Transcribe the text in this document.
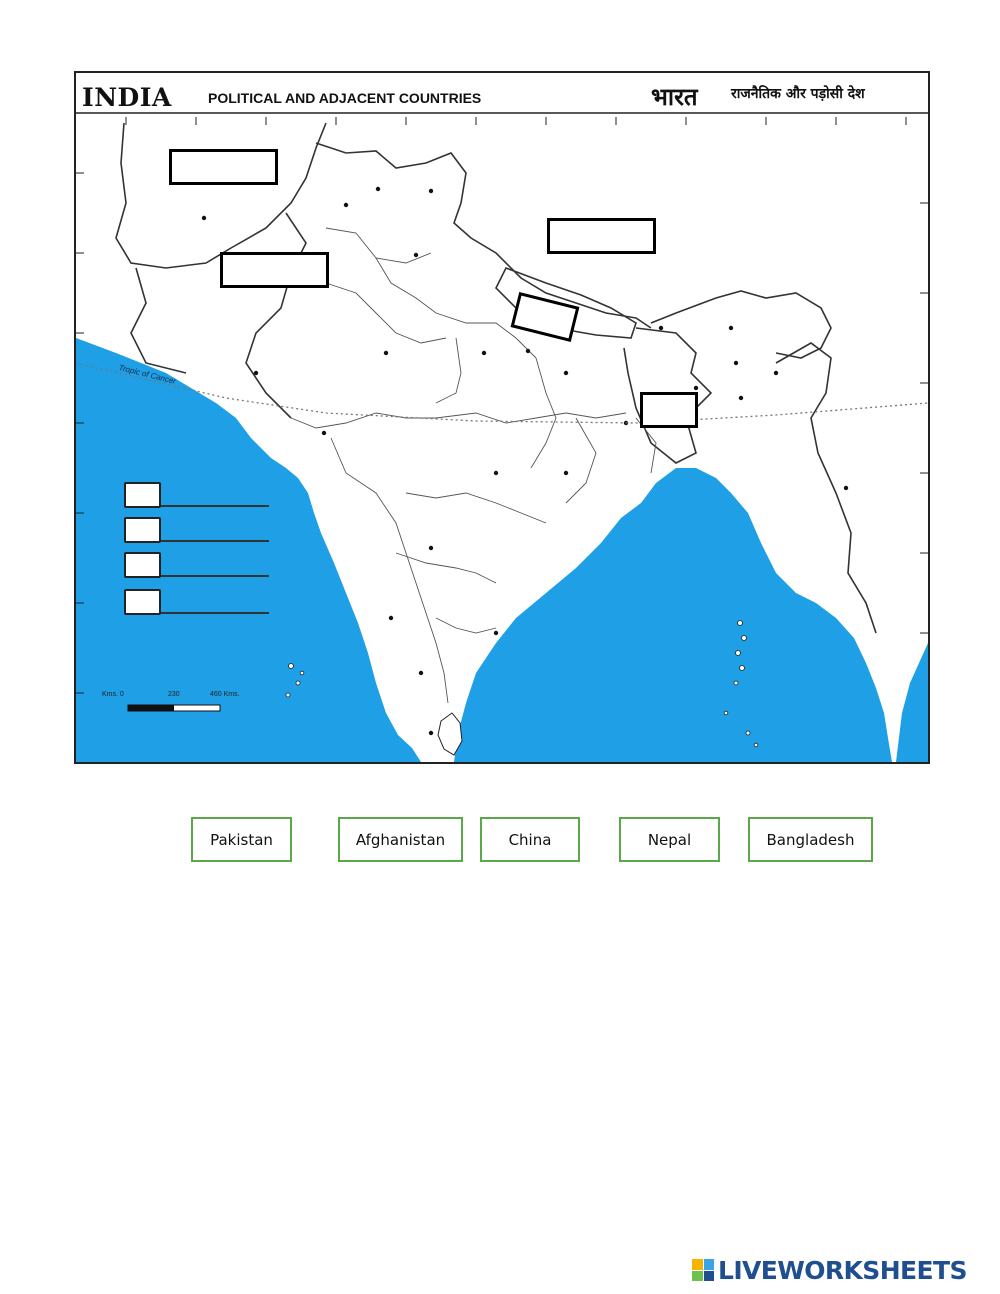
INDIA	POLITICAL AND ADJACENT COUNTRIES	भारत राजनैतिक और पड़ोसी देश
Tropic of Cancer
Kms. 0	230	460 Kms.
Pakistan	Afghanistan	China	Nepal	Bangladesh
LIVEWORKSHEETS
